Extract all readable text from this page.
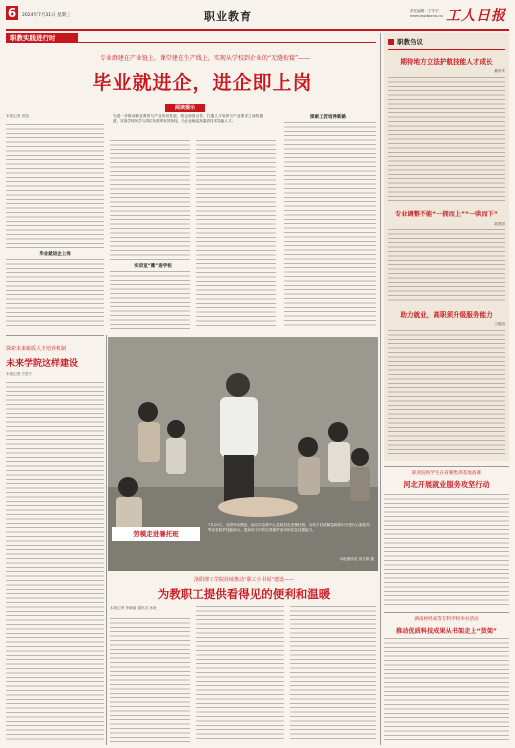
6	2024年7月31日 星期三	职业教育	责任编辑：宁芋宇
www.workercn.cn 工人日报
职教实践进行时
专业群建在产业链上，课堂建在生产线上，实现从学校到企业的“无缝衔接”——
毕业就进企，进企即上岗
阅读提示
为进一步推动职业教育与产业协同发展，校企深度合作，打通人才培养与产业需求之间的通道，实现学校所学与岗位所需的有效衔接，为企业输送高素质技术技能人才。
本报记者 刘旭
毕业就进企上岗
实训室“搬”进学校
探索工匠培养新路
探索未来新质人才培养机制
未来学院这样建设
本报记者 方思宁
劳模走进暑托班
7月20日，全国劳动模范、南京市急救中心急救员走进暑托班，为孩子们讲解急救知识并进行心肺复苏等应急救护技能演示，提高孩子们的自我保护意识和应急处置能力。
本报通讯员 刘文琪 摄
洛阳理工学院持续推动“职工小书屋”建设——
为教职工提供看得见的便利和温暖
本报记者 李晓丽 通讯员 孙艳
职教刍议
期待地方立法护航技能人才成长
戴仲华
专业调整不能“一拥而上”“一哄而下”
陈建国
助力就业，高职须升级服务能力
王雅丽
职业院校学生在省赛集训基地备赛
河北开展就业服务攻坚行动
湖南财经高等专科学校举办活动
推动优质科技成果从书架走上“货架”
